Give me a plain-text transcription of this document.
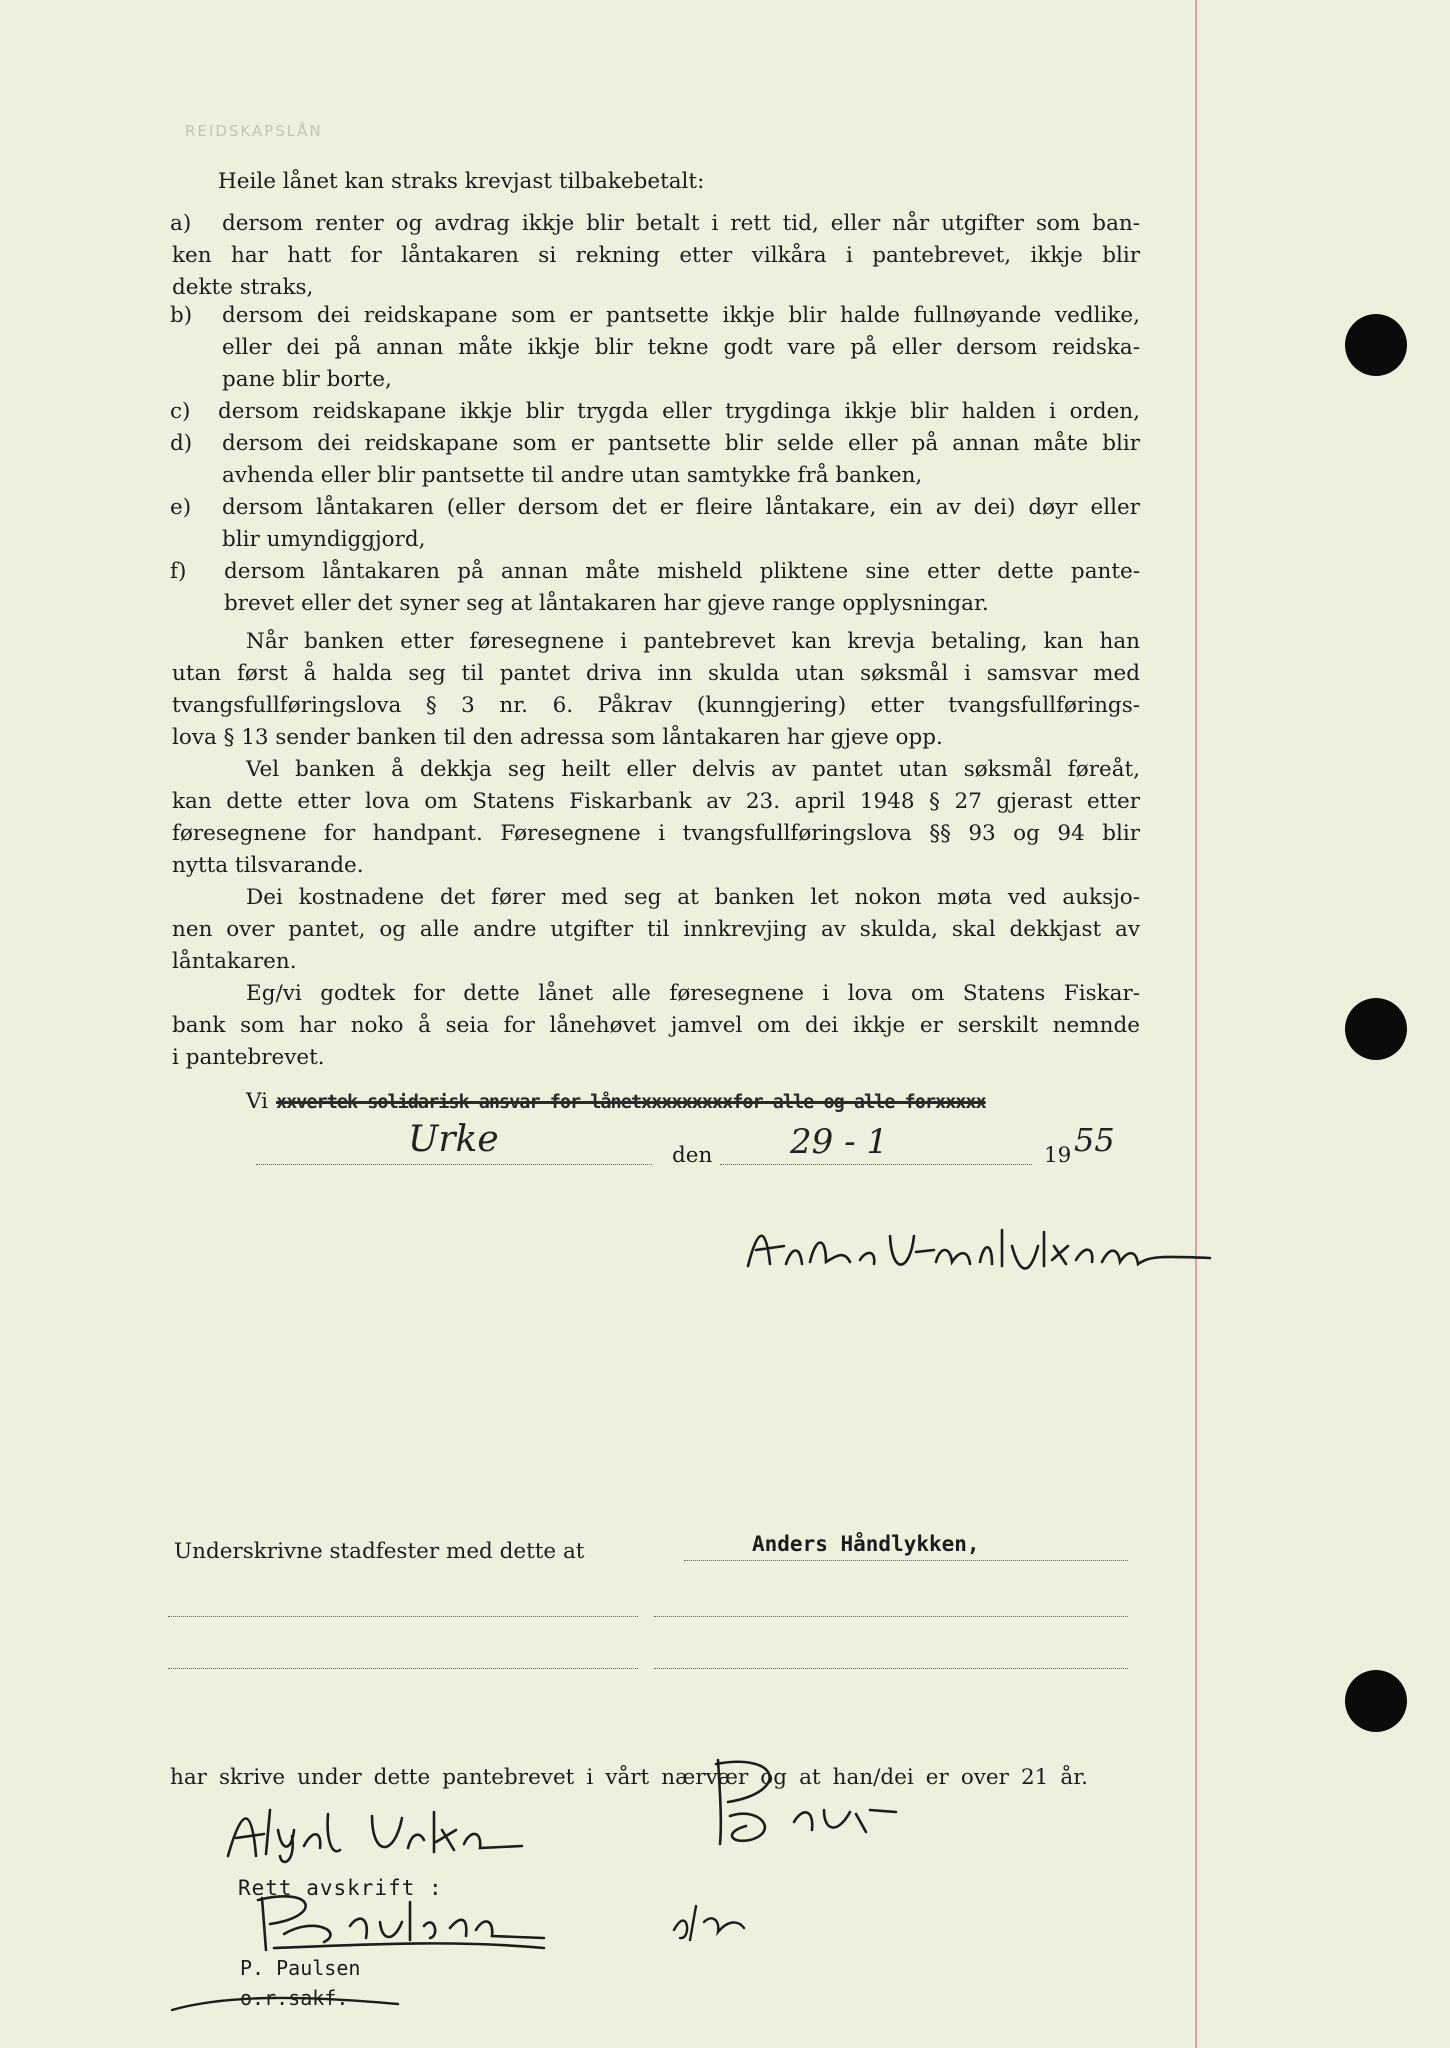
REIDSKAPSLÅN
Heile lånet kan straks krevjast tilbakebetalt:
a) dersom renter og avdrag ikkje blir betalt i rett tid, eller når utgifter som ban-
ken har hatt for låntakaren si rekning etter vilkåra i pantebrevet, ikkje blir
dekte straks,
b) dersom dei reidskapane som er pantsette ikkje blir halde fullnøyande vedlike,
eller dei på annan måte ikkje blir tekne godt vare på eller dersom reidska-
pane blir borte,
c) dersom reidskapane ikkje blir trygda eller trygdinga ikkje blir halden i orden,
d) dersom dei reidskapane som er pantsette blir selde eller på annan måte blir
avhenda eller blir pantsette til andre utan samtykke frå banken,
e) dersom låntakaren (eller dersom det er fleire låntakare, ein av dei) døyr eller
blir umyndiggjord,
f) dersom låntakaren på annan måte misheld pliktene sine etter dette pante-
brevet eller det syner seg at låntakaren har gjeve range opplysningar.
Når banken etter føresegnene i pantebrevet kan krevja betaling, kan han
utan først å halda seg til pantet driva inn skulda utan søksmål i samsvar med
tvangsfullføringslova § 3 nr. 6. Påkrav (kunngjering) etter tvangsfullførings-
lova § 13 sender banken til den adressa som låntakaren har gjeve opp.
Vel banken å dekkja seg heilt eller delvis av pantet utan søksmål føreåt,
kan dette etter lova om Statens Fiskarbank av 23. april 1948 § 27 gjerast etter
føresegnene for handpant. Føresegnene i tvangsfullføringslova §§ 93 og 94 blir
nytta tilsvarande.
Dei kostnadene det fører med seg at banken let nokon møta ved auksjo-
nen over pantet, og alle andre utgifter til innkrevjing av skulda, skal dekkjast av
låntakaren.
Eg/vi godtek for dette lånet alle føresegnene i lova om Statens Fiskar-
bank som har noko å seia for lånehøvet jamvel om dei ikkje er serskilt nemnde
i pantebrevet.
Vi xxvertek solidarisk ansvar for lånetxxxxxxxxxfor alle og alle forxxxxx
Urke	den 29 - 1	19 55
Underskrivne stadfester med dette at	Anders Håndlykken,
har skrive under dette pantebrevet i vårt nærvær og at han/dei er over 21 år.
Rett avskrift :
P. Paulsen
o.r.sakf.
